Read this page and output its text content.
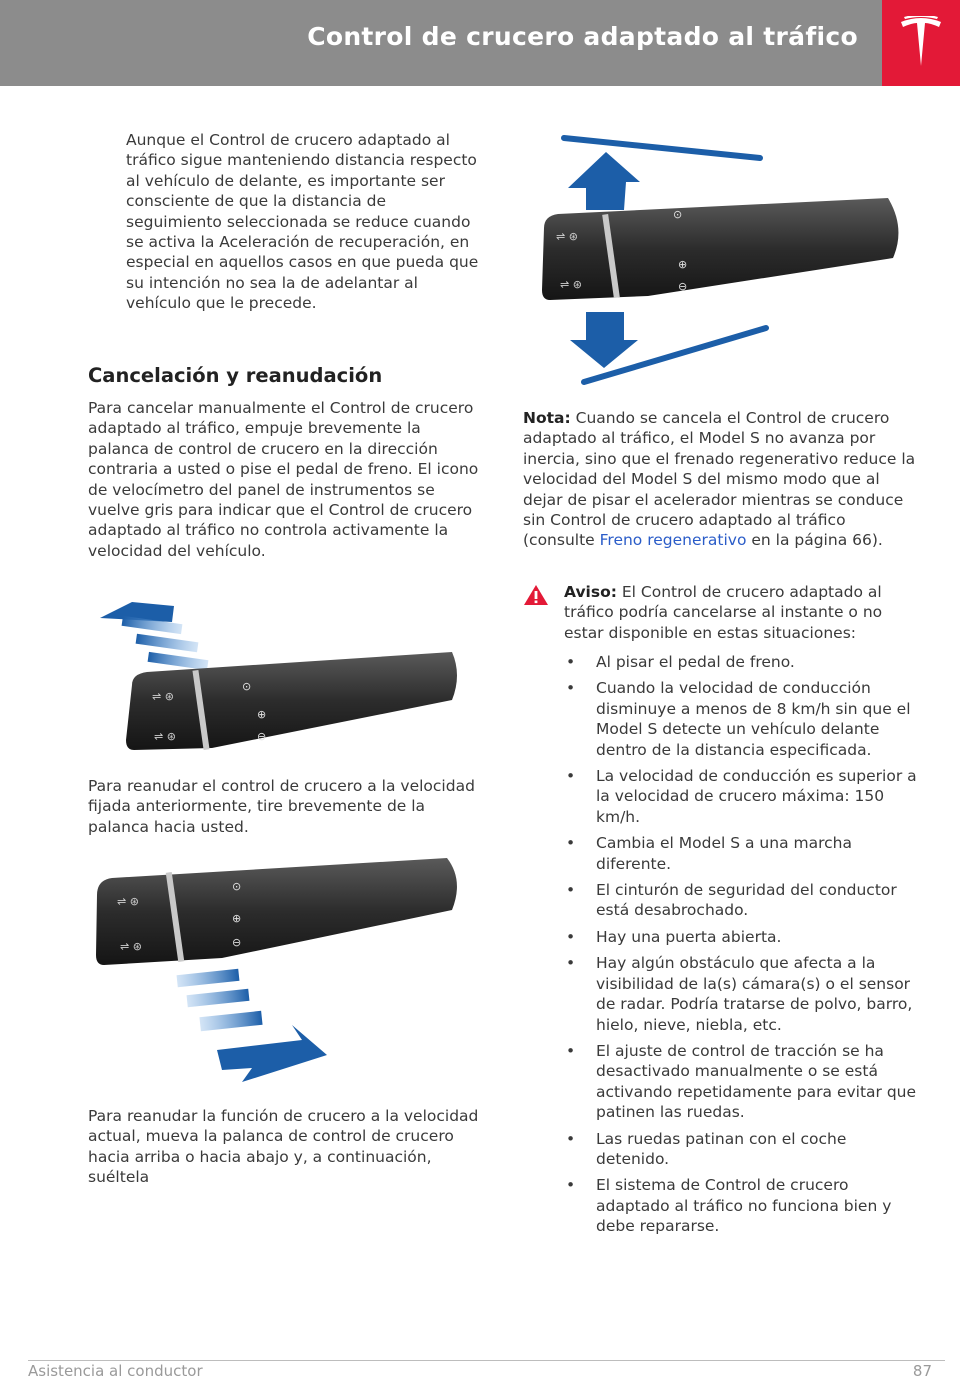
Control de crucero adaptado al tráfico

Aunque el Control de crucero adaptado al tráfico sigue manteniendo distancia respecto al vehículo de delante, es importante ser consciente de que la distancia de seguimiento seleccionada se reduce cuando se activa la Aceleración de recuperación, en especial en aquellos casos en que pueda que su intención no sea la de adelantar al vehículo que le precede.

Cancelación y reanudación

Para cancelar manualmente el Control de crucero adaptado al tráfico, empuje brevemente la palanca de control de crucero en la dirección contraria a usted o pise el pedal de freno. El icono de velocímetro del panel de instrumentos se vuelve gris para indicar que el Control de crucero adaptado al tráfico no controla activamente la velocidad del vehículo.

⇌ ⊛
⇌ ⊛
⊙
⊕
⊖

Para reanudar el control de crucero a la velocidad fijada anteriormente, tire brevemente de la palanca hacia usted.

⇌ ⊛
⇌ ⊛
⊙
⊕
⊖

Para reanudar la función de crucero a la velocidad actual, mueva la palanca de control de crucero hacia arriba o hacia abajo y, a continuación, suéltela

⇌ ⊛
⇌ ⊛
⊙
⊕
⊖

Nota: Cuando se cancela el Control de crucero adaptado al tráfico, el Model S no avanza por inercia, sino que el frenado regenerativo reduce la velocidad del Model S del mismo modo que al dejar de pisar el acelerador mientras se conduce sin Control de crucero adaptado al tráfico (consulte Freno regenerativo en la página 66).

Aviso: El Control de crucero adaptado al tráfico podría cancelarse al instante o no estar disponible en estas situaciones:

• Al pisar el pedal de freno.
• Cuando la velocidad de conducción disminuye a menos de 8 km/h sin que el Model S detecte un vehículo delante dentro de la distancia especificada.
• La velocidad de conducción es superior a la velocidad de crucero máxima: 150 km/h.
• Cambia el Model S a una marcha diferente.
• El cinturón de seguridad del conductor está desabrochado.
• Hay una puerta abierta.
• Hay algún obstáculo que afecta a la visibilidad de la(s) cámara(s) o el sensor de radar. Podría tratarse de polvo, barro, hielo, nieve, niebla, etc.
• El ajuste de control de tracción se ha desactivado manualmente o se está activando repetidamente para evitar que patinen las ruedas.
• Las ruedas patinan con el coche detenido.
• El sistema de Control de crucero adaptado al tráfico no funciona bien y debe repararse.
Asistencia al conductor	87
